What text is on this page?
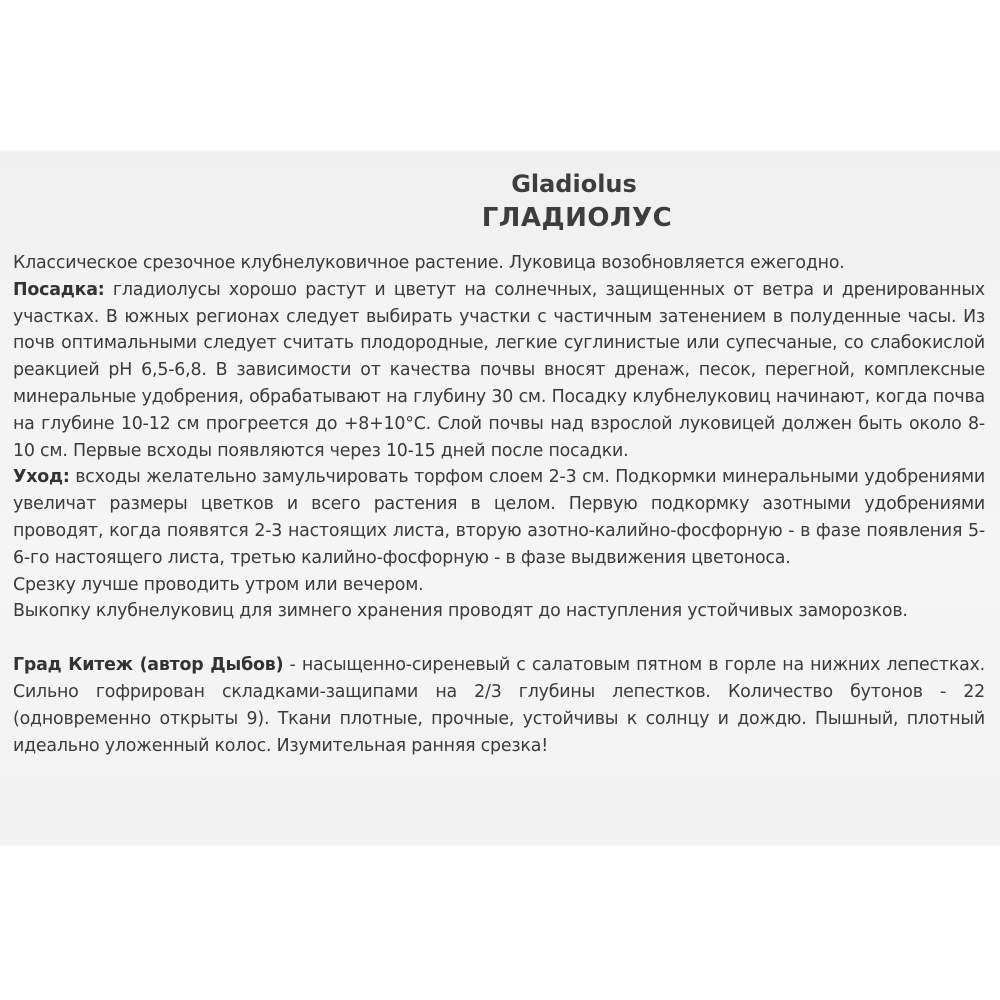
Gladiolus
ГЛАДИОЛУС

Классическое срезочное клубнелуковичное растение. Луковица возобновляется ежегодно.

Посадка: гладиолусы хорошо растут и цветут на солнечных, защищенных от ветра и дренированных участках. В южных регионах следует выбирать участки с частичным затенением в полуденные часы. Из почв оптимальными следует считать плодородные, легкие суглинистые или супесчаные, со слабокислой реакцией pH 6,5-6,8. В зависимости от качества почвы вносят дренаж, песок, перегной, комплексные минеральные удобрения, обрабатывают на глубину 30 см. Посадку клубнелуковиц начинают, когда почва на глубине 10-12 см прогреется до +8+10°С. Слой почвы над взрослой луковицей должен быть около 8-10 см. Первые всходы появляются через 10-15 дней после посадки.

Уход: всходы желательно замульчировать торфом слоем 2-3 см. Подкормки минеральными удобрениями увеличат размеры цветков и всего растения в целом. Первую подкормку азотными удобрениями проводят, когда появятся 2-3 настоящих листа, вторую азотно-калийно-фосфорную - в фазе появления 5-6-го настоящего листа, третью калийно-фосфорную - в фазе выдвижения цветоноса.

Срезку лучше проводить утром или вечером.

Выкопку клубнелуковиц для зимнего хранения проводят до наступления устойчивых заморозков.

Град Китеж (автор Дыбов) - насыщенно-сиреневый с салатовым пятном в горле на нижних лепестках. Сильно гофрирован складками-защипами на 2/3 глубины лепестков. Количество бутонов - 22 (одновременно открыты 9). Ткани плотные, прочные, устойчивы к солнцу и дождю. Пышный, плотный идеально уложенный колос. Изумительная ранняя срезка!
